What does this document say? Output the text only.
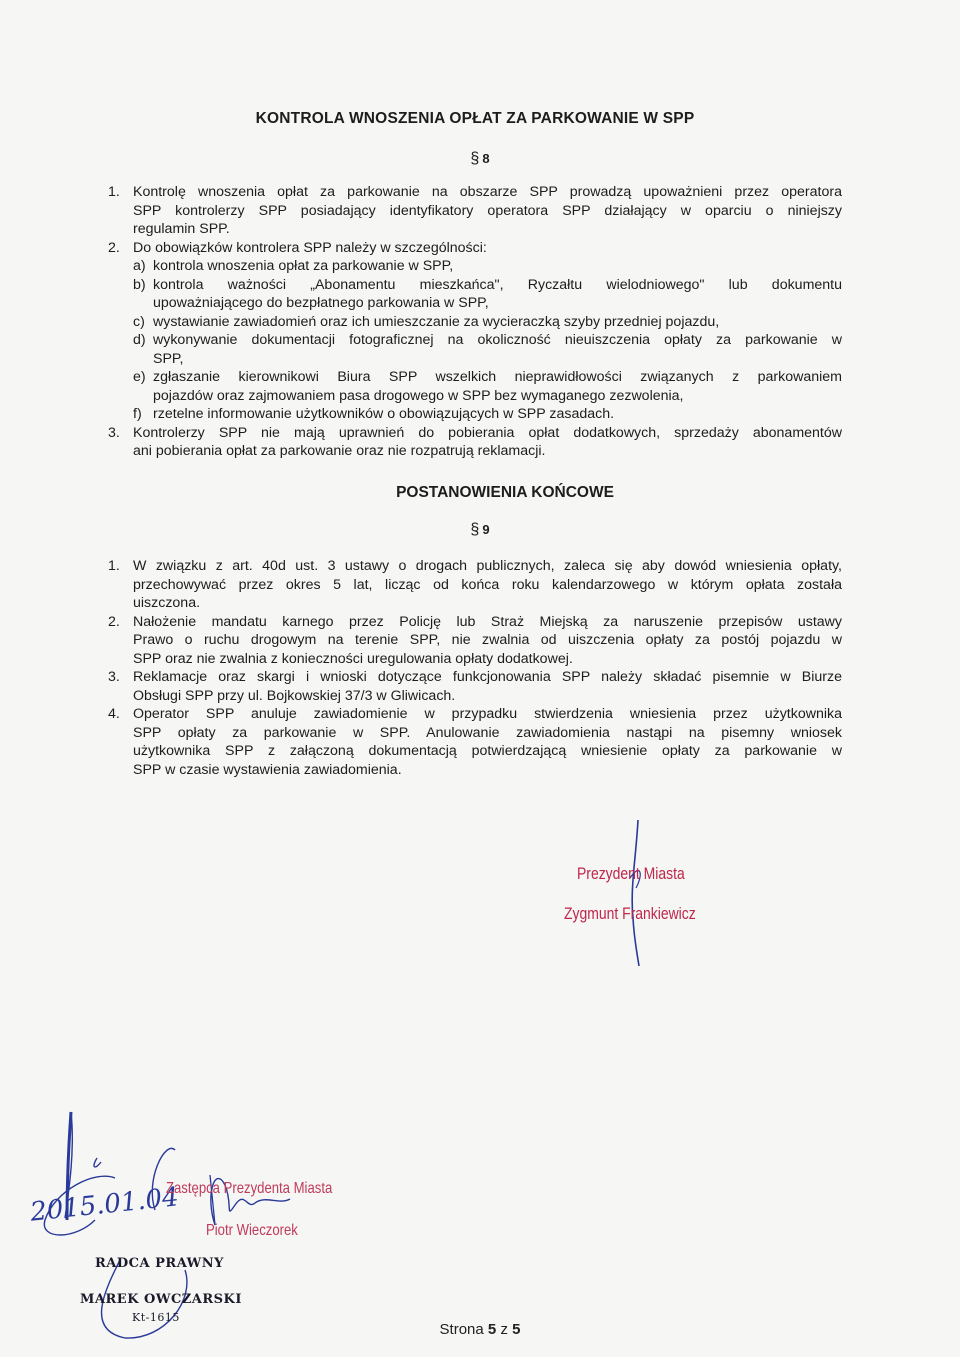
KONTROLA WNOSZENIA OPŁAT ZA PARKOWANIE W SPP
§ 8
1. Kontrolę wnoszenia opłat za parkowanie na obszarze SPP prowadzą upoważnieni przez operatora
SPP kontrolerzy SPP posiadający identyfikatory operatora SPP działający w oparciu o niniejszy
regulamin SPP.
2. Do obowiązków kontrolera SPP należy w szczególności:
a) kontrola wnoszenia opłat za parkowanie w SPP,
b) kontrola ważności „Abonamentu mieszkańca", Ryczałtu wielodniowego" lub dokumentu
upoważniającego do bezpłatnego parkowania w SPP,
c) wystawianie zawiadomień oraz ich umieszczanie za wycieraczką szyby przedniej pojazdu,
d) wykonywanie dokumentacji fotograficznej na okoliczność nieuiszczenia opłaty za parkowanie w
SPP,
e) zgłaszanie kierownikowi Biura SPP wszelkich nieprawidłowości związanych z parkowaniem
pojazdów oraz zajmowaniem pasa drogowego w SPP bez wymaganego zezwolenia,
f) rzetelne informowanie użytkowników o obowiązujących w SPP zasadach.
3. Kontrolerzy SPP nie mają uprawnień do pobierania opłat dodatkowych, sprzedaży abonamentów
ani pobierania opłat za parkowanie oraz nie rozpatrują reklamacji.
POSTANOWIENIA KOŃCOWE
§ 9
1. W związku z art. 40d ust. 3 ustawy o drogach publicznych, zaleca się aby dowód wniesienia opłaty,
przechowywać przez okres 5 lat, licząc od końca roku kalendarzowego w którym opłata została
uiszczona.
2. Nałożenie mandatu karnego przez Policję lub Straż Miejską za naruszenie przepisów ustawy
Prawo o ruchu drogowym na terenie SPP, nie zwalnia od uiszczenia opłaty za postój pojazdu w
SPP oraz nie zwalnia z konieczności uregulowania opłaty dodatkowej.
3. Reklamacje oraz skargi i wnioski dotyczące funkcjonowania SPP należy składać pisemnie w Biurze
Obsługi SPP przy ul. Bojkowskiej 37/3 w Gliwicach.
4. Operator SPP anuluje zawiadomienie w przypadku stwierdzenia wniesienia przez użytkownika
SPP opłaty za parkowanie w SPP. Anulowanie zawiadomienia nastąpi na pisemny wniosek
użytkownika SPP z załączoną dokumentacją potwierdzającą wniesienie opłaty za parkowanie w
SPP w czasie wystawienia zawiadomienia.
Prezydent Miasta
Zygmunt Frankiewicz
2015.01.04
Zastępca Prezydenta Miasta
Piotr Wieczorek
RADCA PRAWNY
MAREK OWCZARSKI
Kt-1615
Strona 5 z 5
